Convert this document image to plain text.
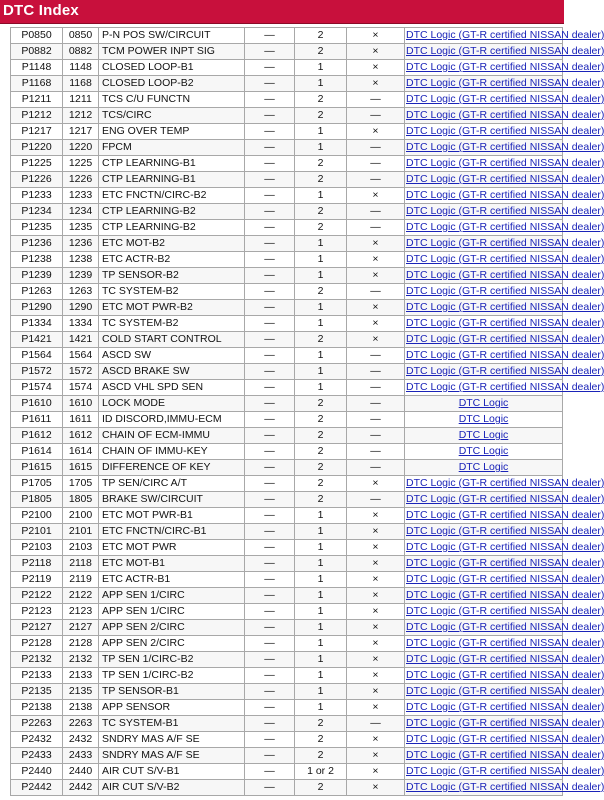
DTC Index
P0850	0850	P-N POS SW/CIRCUIT	—	2	×	DTC Logic (GT-R certified NISSAN dealer)
P0882	0882	TCM POWER INPT SIG	—	2	×	DTC Logic (GT-R certified NISSAN dealer)
P1148	1148	CLOSED LOOP-B1	—	1	×	DTC Logic (GT-R certified NISSAN dealer)
P1168	1168	CLOSED LOOP-B2	—	1	×	DTC Logic (GT-R certified NISSAN dealer)
P1211	1211	TCS C/U FUNCTN	—	2	—	DTC Logic (GT-R certified NISSAN dealer)
P1212	1212	TCS/CIRC	—	2	—	DTC Logic (GT-R certified NISSAN dealer)
P1217	1217	ENG OVER TEMP	—	1	×	DTC Logic (GT-R certified NISSAN dealer)
P1220	1220	FPCM	—	1	—	DTC Logic (GT-R certified NISSAN dealer)
P1225	1225	CTP LEARNING-B1	—	2	—	DTC Logic (GT-R certified NISSAN dealer)
P1226	1226	CTP LEARNING-B1	—	2	—	DTC Logic (GT-R certified NISSAN dealer)
P1233	1233	ETC FNCTN/CIRC-B2	—	1	×	DTC Logic (GT-R certified NISSAN dealer)
P1234	1234	CTP LEARNING-B2	—	2	—	DTC Logic (GT-R certified NISSAN dealer)
P1235	1235	CTP LEARNING-B2	—	2	—	DTC Logic (GT-R certified NISSAN dealer)
P1236	1236	ETC MOT-B2	—	1	×	DTC Logic (GT-R certified NISSAN dealer)
P1238	1238	ETC ACTR-B2	—	1	×	DTC Logic (GT-R certified NISSAN dealer)
P1239	1239	TP SENSOR-B2	—	1	×	DTC Logic (GT-R certified NISSAN dealer)
P1263	1263	TC SYSTEM-B2	—	2	—	DTC Logic (GT-R certified NISSAN dealer)
P1290	1290	ETC MOT PWR-B2	—	1	×	DTC Logic (GT-R certified NISSAN dealer)
P1334	1334	TC SYSTEM-B2	—	1	×	DTC Logic (GT-R certified NISSAN dealer)
P1421	1421	COLD START CONTROL	—	2	×	DTC Logic (GT-R certified NISSAN dealer)
P1564	1564	ASCD SW	—	1	—	DTC Logic (GT-R certified NISSAN dealer)
P1572	1572	ASCD BRAKE SW	—	1	—	DTC Logic (GT-R certified NISSAN dealer)
P1574	1574	ASCD VHL SPD SEN	—	1	—	DTC Logic (GT-R certified NISSAN dealer)
P1610	1610	LOCK MODE	—	2	—	DTC Logic
P1611	1611	ID DISCORD,IMMU-ECM	—	2	—	DTC Logic
P1612	1612	CHAIN OF ECM-IMMU	—	2	—	DTC Logic
P1614	1614	CHAIN OF IMMU-KEY	—	2	—	DTC Logic
P1615	1615	DIFFERENCE OF KEY	—	2	—	DTC Logic
P1705	1705	TP SEN/CIRC A/T	—	2	×	DTC Logic (GT-R certified NISSAN dealer)
P1805	1805	BRAKE SW/CIRCUIT	—	2	—	DTC Logic (GT-R certified NISSAN dealer)
P2100	2100	ETC MOT PWR-B1	—	1	×	DTC Logic (GT-R certified NISSAN dealer)
P2101	2101	ETC FNCTN/CIRC-B1	—	1	×	DTC Logic (GT-R certified NISSAN dealer)
P2103	2103	ETC MOT PWR	—	1	×	DTC Logic (GT-R certified NISSAN dealer)
P2118	2118	ETC MOT-B1	—	1	×	DTC Logic (GT-R certified NISSAN dealer)
P2119	2119	ETC ACTR-B1	—	1	×	DTC Logic (GT-R certified NISSAN dealer)
P2122	2122	APP SEN 1/CIRC	—	1	×	DTC Logic (GT-R certified NISSAN dealer)
P2123	2123	APP SEN 1/CIRC	—	1	×	DTC Logic (GT-R certified NISSAN dealer)
P2127	2127	APP SEN 2/CIRC	—	1	×	DTC Logic (GT-R certified NISSAN dealer)
P2128	2128	APP SEN 2/CIRC	—	1	×	DTC Logic (GT-R certified NISSAN dealer)
P2132	2132	TP SEN 1/CIRC-B2	—	1	×	DTC Logic (GT-R certified NISSAN dealer)
P2133	2133	TP SEN 1/CIRC-B2	—	1	×	DTC Logic (GT-R certified NISSAN dealer)
P2135	2135	TP SENSOR-B1	—	1	×	DTC Logic (GT-R certified NISSAN dealer)
P2138	2138	APP SENSOR	—	1	×	DTC Logic (GT-R certified NISSAN dealer)
P2263	2263	TC SYSTEM-B1	—	2	—	DTC Logic (GT-R certified NISSAN dealer)
P2432	2432	SNDRY MAS A/F SE	—	2	×	DTC Logic (GT-R certified NISSAN dealer)
P2433	2433	SNDRY MAS A/F SE	—	2	×	DTC Logic (GT-R certified NISSAN dealer)
P2440	2440	AIR CUT S/V-B1	—	1 or 2	×	DTC Logic (GT-R certified NISSAN dealer)
P2442	2442	AIR CUT S/V-B2	—	2	×	DTC Logic (GT-R certified NISSAN dealer)
